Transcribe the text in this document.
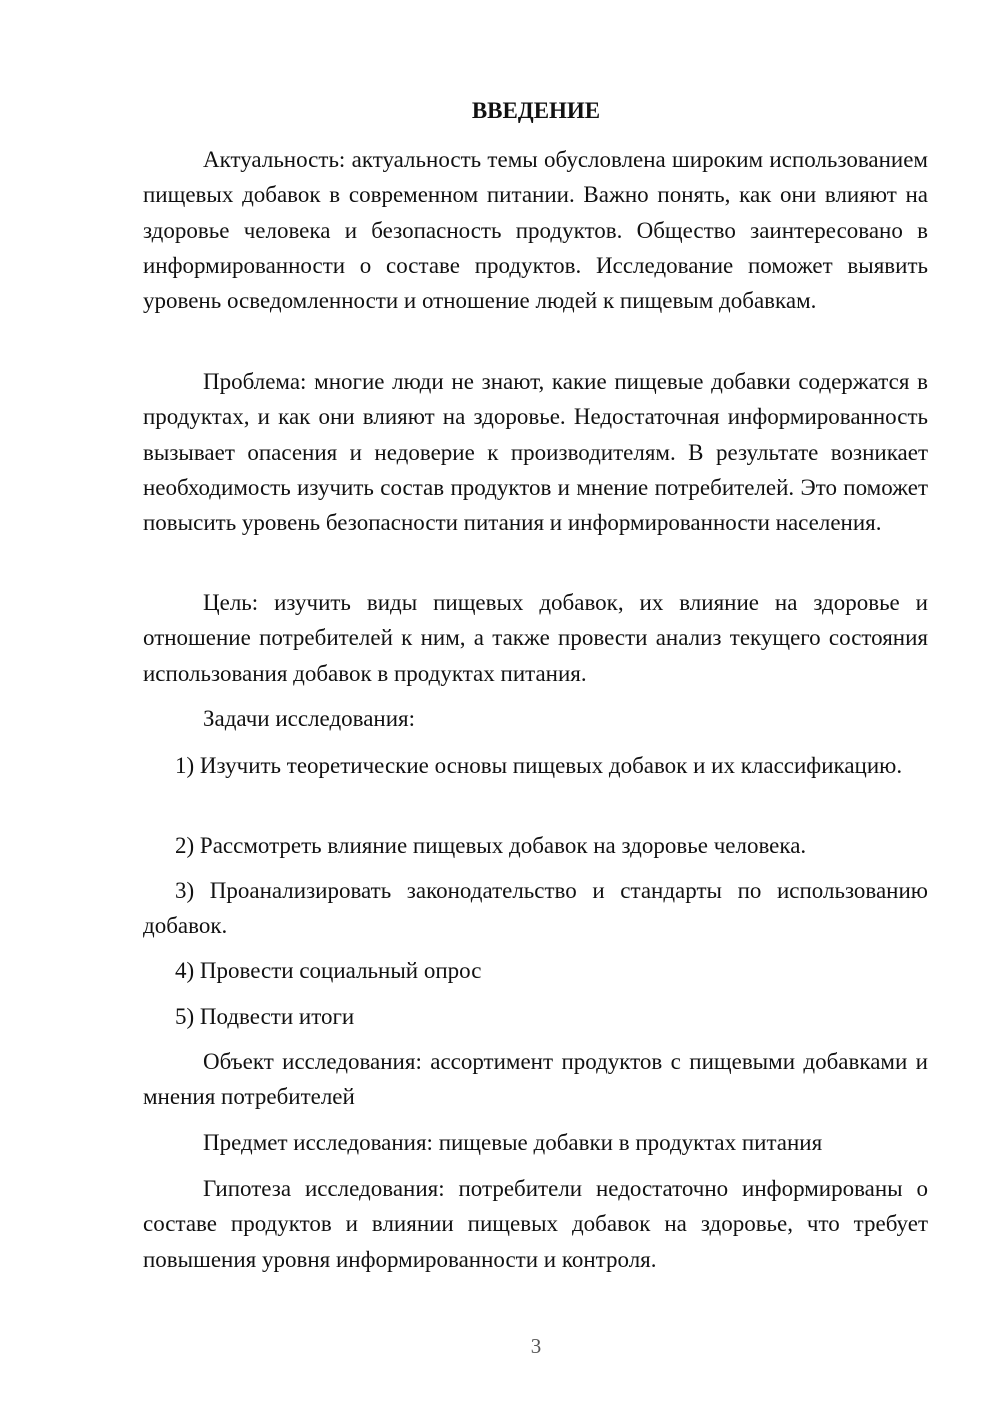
ВВЕДЕНИЕ

Актуальность: актуальность темы обусловлена широким использованием пищевых добавок в современном питании. Важно понять, как они влияют на здоровье человека и безопасность продуктов. Общество заинтересовано в информированности о составе продуктов. Исследование поможет выявить уровень осведомленности и отношение людей к пищевым добавкам.

Проблема: многие люди не знают, какие пищевые добавки содержатся в продуктах, и как они влияют на здоровье. Недостаточная информированность вызывает опасения и недоверие к производителям. В результате возникает необходимость изучить состав продуктов и мнение потребителей. Это поможет повысить уровень безопасности питания и информированности населения.

Цель: изучить виды пищевых добавок, их влияние на здоровье и отношение потребителей к ним, а также провести анализ текущего состояния использования добавок в продуктах питания.

Задачи исследования:

1) Изучить теоретические основы пищевых добавок и их классификацию.

2) Рассмотреть влияние пищевых добавок на здоровье человека.

3) Проанализировать законодательство и стандарты по использованию добавок.

4) Провести социальный опрос

5) Подвести итоги

Объект исследования: ассортимент продуктов с пищевыми добавками и мнения потребителей

Предмет исследования: пищевые добавки в продуктах питания

Гипотеза исследования: потребители недостаточно информированы о составе продуктов и влиянии пищевых добавок на здоровье, что требует повышения уровня информированности и контроля.

3
